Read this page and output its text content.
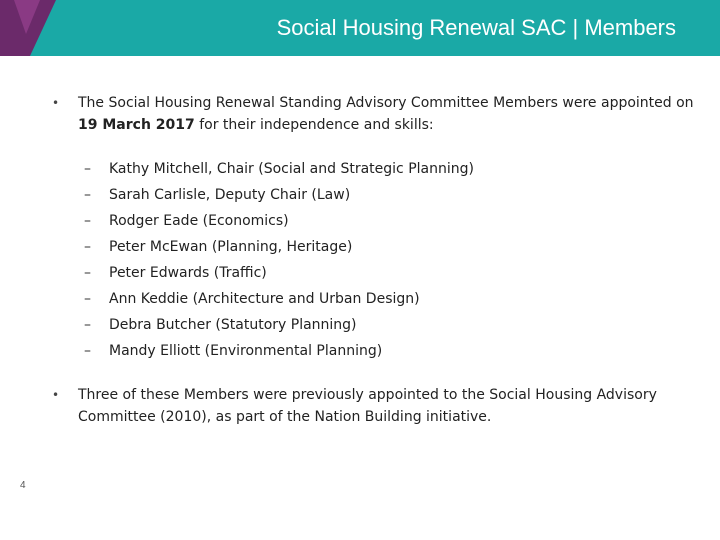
Social Housing Renewal SAC | Members
• The Social Housing Renewal Standing Advisory Committee Members were appointed on 19 March 2017 for their independence and skills:
– Kathy Mitchell, Chair (Social and Strategic Planning)
– Sarah Carlisle, Deputy Chair (Law)
– Rodger Eade (Economics)
– Peter McEwan (Planning, Heritage)
– Peter Edwards (Traffic)
– Ann Keddie (Architecture and Urban Design)
– Debra Butcher (Statutory Planning)
– Mandy Elliott (Environmental Planning)
• Three of these Members were previously appointed to the Social Housing Advisory Committee (2010), as part of the Nation Building initiative.
4
